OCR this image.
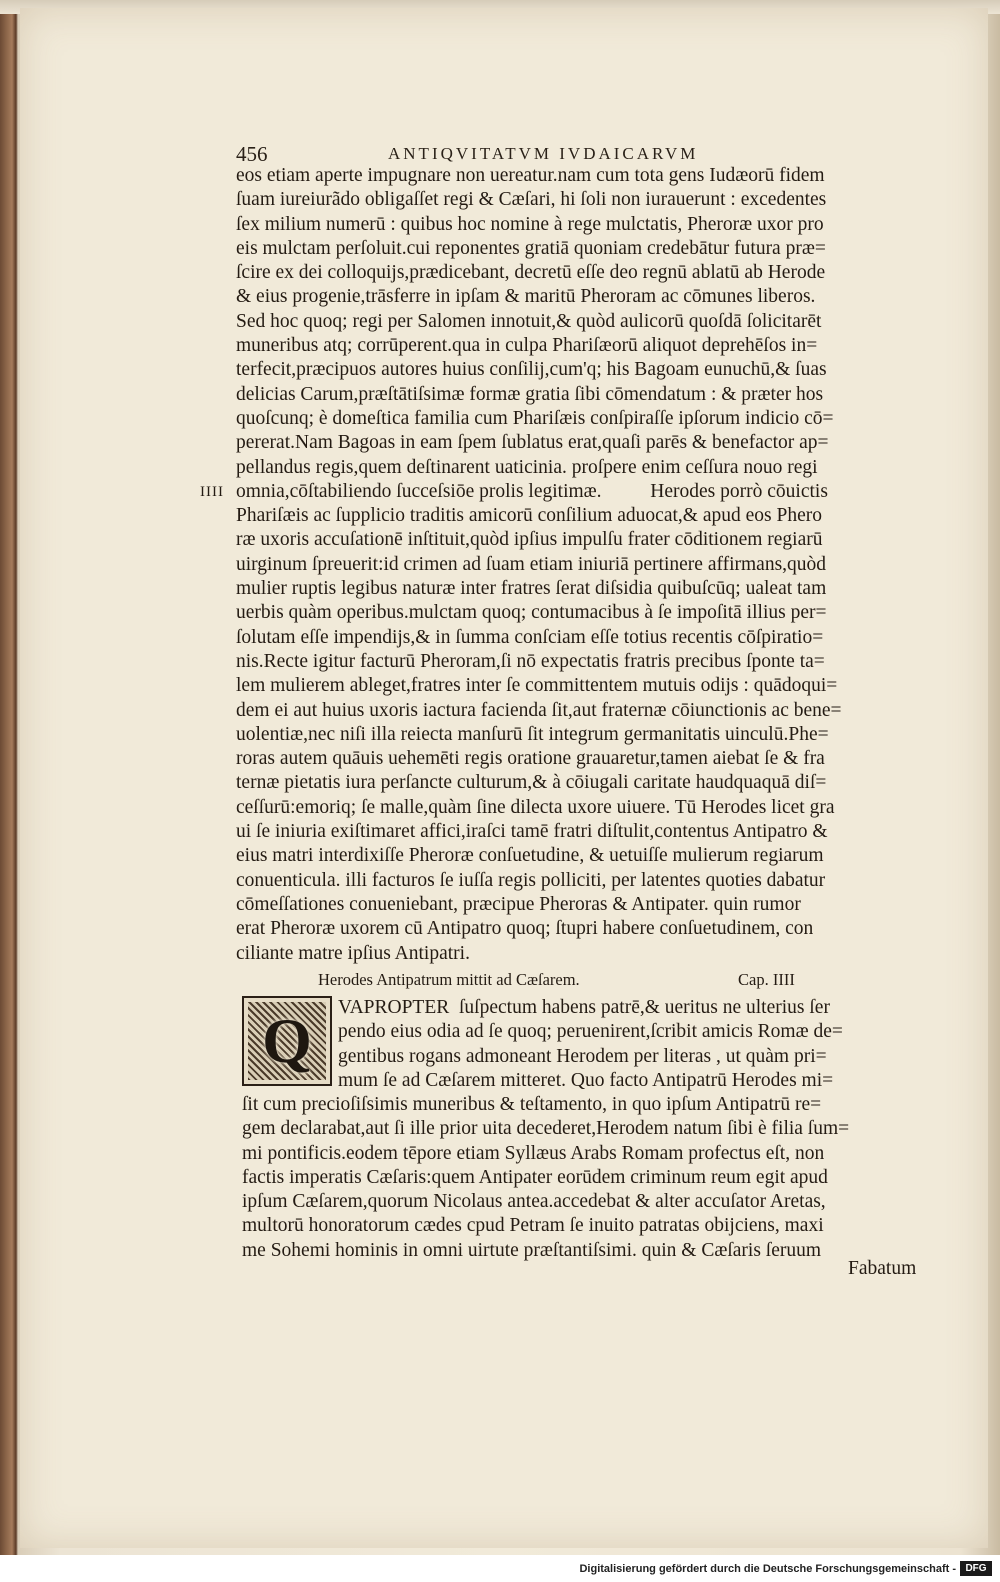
456	ANTIQVITATVM IVDAICARVM
IIII
eos etiam aperte impugnare non uereatur.nam cum tota gens Iudæorū fidem
ſuam iureiurãdo obligaſſet regi & Cæſari, hi ſoli non iurauerunt : excedentes
ſex milium numerū : quibus hoc nomine à rege mulctatis, Pheroræ uxor pro
eis mulctam perſoluit.cui reponentes gratiā quoniam credebātur futura præ=
ſcire ex dei colloquijs,prædicebant, decretū eſſe deo regnū ablatū ab Herode
& eius progenie,trāsferre in ipſam & maritū Pheroram ac cōmunes liberos.
Sed hoc quoq; regi per Salomen innotuit,& quòd aulicorū quoſdā ſolicitarēt
muneribus atq; corrūperent.qua in culpa Phariſæorū aliquot deprehēſos in=
terfecit,præcipuos autores huius conſilij,cum'q; his Bagoam eunuchū,& ſuas
delicias Carum,præſtātiſsimæ formæ gratia ſibi cōmendatum : & præter hos
quoſcunq; è domeſtica familia cum Phariſæis conſpiraſſe ipſorum indicio cō=
pererat.Nam Bagoas in eam ſpem ſublatus erat,quaſi parēs & benefactor ap=
pellandus regis,quem deſtinarent uaticinia. proſpere enim ceſſura nouo regi
omnia,cōſtabiliendo ſucceſsiōe prolis legitimæ.          Herodes porrò cōuictis
Phariſæis ac ſupplicio traditis amicorū conſilium aduocat,& apud eos Phero
ræ uxoris accuſationē inſtituit,quòd ipſius impulſu frater cōditionem regiarū
uirginum ſpreuerit:id crimen ad ſuam etiam iniuriā pertinere affirmans,quòd
mulier ruptis legibus naturæ inter fratres ſerat diſsidia quibuſcūq; ualeat tam
uerbis quàm operibus.mulctam quoq; contumacibus à ſe impoſitā illius per=
ſolutam eſſe impendijs,& in ſumma conſciam eſſe totius recentis cōſpiratio=
nis.Recte igitur facturū Pheroram,ſi nō expectatis fratris precibus ſponte ta=
lem mulierem ableget,fratres inter ſe committentem mutuis odijs : quādoqui=
dem ei aut huius uxoris iactura facienda ſit,aut fraternæ cōiunctionis ac bene=
uolentiæ,nec niſi illa reiecta manſurū ſit integrum germanitatis uinculū.Phe=
roras autem quāuis uehemēti regis oratione grauaretur,tamen aiebat ſe & fra
ternæ pietatis iura perſancte culturum,& à cōiugali caritate haudquaquā diſ=
ceſſurū:emoriq; ſe malle,quàm ſine dilecta uxore uiuere. Tū Herodes licet gra
ui ſe iniuria exiſtimaret affici,iraſci tamē fratri diſtulit,contentus Antipatro &
eius matri interdixiſſe Pheroræ conſuetudine, & uetuiſſe mulierum regiarum
conuenticula. illi facturos ſe iuſſa regis polliciti, per latentes quoties dabatur
cōmeſſationes conueniebant, præcipue Pheroras & Antipater. quin rumor
erat Pheroræ uxorem cū Antipatro quoq; ſtupri habere conſuetudinem, con
ciliante matre ipſius Antipatri.
Herodes Antipatrum mittit ad Cæſarem.	Cap. IIII
Q	VAPROPTER  ſuſpectum habens patrē,& ueritus ne ulterius ſer
pendo eius odia ad ſe quoq; peruenirent,ſcribit amicis Romæ de=
gentibus rogans admoneant Herodem per literas , ut quàm pri=
mum ſe ad Cæſarem mitteret. Quo facto Antipatrū Herodes mi=
ſit cum precioſiſsimis muneribus & teſtamento, in quo ipſum Antipatrū re=
gem declarabat,aut ſi ille prior uita decederet,Herodem natum ſibi è filia ſum=
mi pontificis.eodem tēpore etiam Syllæus Arabs Romam profectus eſt, non
factis imperatis Cæſaris:quem Antipater eorūdem criminum reum egit apud
ipſum Cæſarem,quorum Nicolaus antea.accedebat & alter accuſator Aretas,
multorū honoratorum cædes cpud Petram ſe inuito patratas obijciens, maxi
me Sohemi hominis in omni uirtute præſtantiſsimi. quin & Cæſaris ſeruum
Fabatum
Digitalisierung gefördert durch die Deutsche Forschungsgemeinschaft - DFG
